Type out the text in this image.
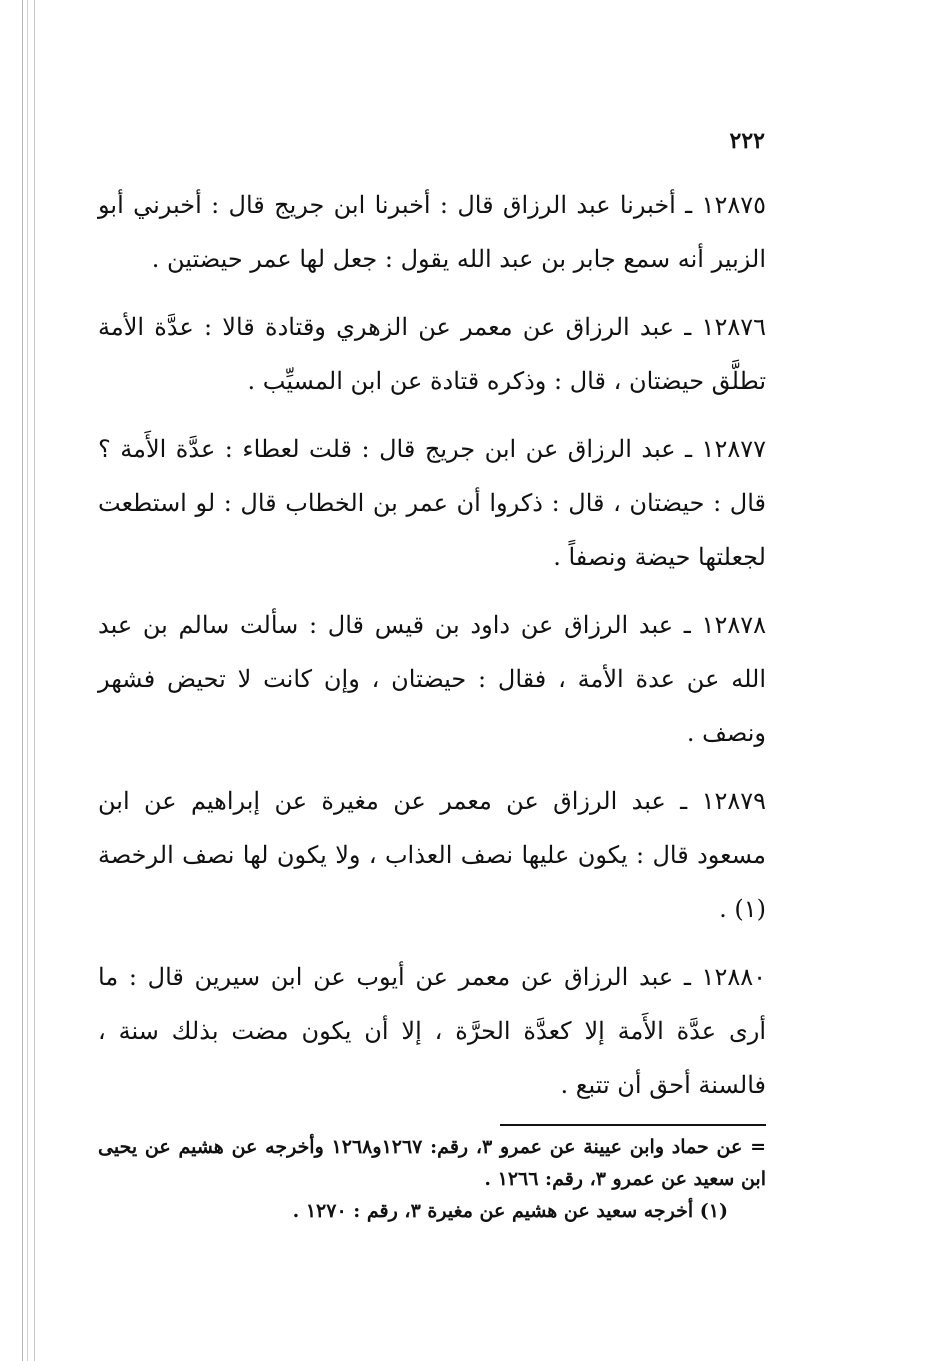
٢٢٢

١٢٨٧٥ ـ أخبرنا عبد الرزاق قال : أخبرنا ابن جريج قال : أخبرني أبو الزبير أنه سمع جابر بن عبد الله يقول : جعل لها عمر حيضتين .

١٢٨٧٦ ـ عبد الرزاق عن معمر عن الزهري وقتادة قالا : عدَّة الأمة تطلَّق حيضتان ، قال : وذكره قتادة عن ابن المسيِّب .

١٢٨٧٧ ـ عبد الرزاق عن ابن جريج قال : قلت لعطاء : عدَّة الأَمة ؟ قال : حيضتان ، قال : ذكروا أن عمر بن الخطاب قال : لو استطعت لجعلتها حيضة ونصفاً .

١٢٨٧٨ ـ عبد الرزاق عن داود بن قيس قال : سألت سالم بن عبد الله عن عدة الأمة ، فقال : حيضتان ، وإن كانت لا تحيض فشهر ونصف .

١٢٨٧٩ ـ عبد الرزاق عن معمر عن مغيرة عن إبراهيم عن ابن مسعود قال : يكون عليها نصف العذاب ، ولا يكون لها نصف الرخصة (١) .

١٢٨٨٠ ـ عبد الرزاق عن معمر عن أيوب عن ابن سيرين قال : ما أرى عدَّة الأَمة إلا كعدَّة الحرَّة ، إلا أن يكون مضت بذلك سنة ، فالسنة أحق أن تتبع .

= عن حماد وابن عيينة عن عمرو ٣، رقم: ١٢٦٧و١٢٦٨ وأخرجه عن هشيم عن يحيى ابن سعيد عن عمرو ٣، رقم: ١٢٦٦ .

(١) أخرجه سعيد عن هشيم عن مغيرة ٣، رقم : ١٢٧٠ .
